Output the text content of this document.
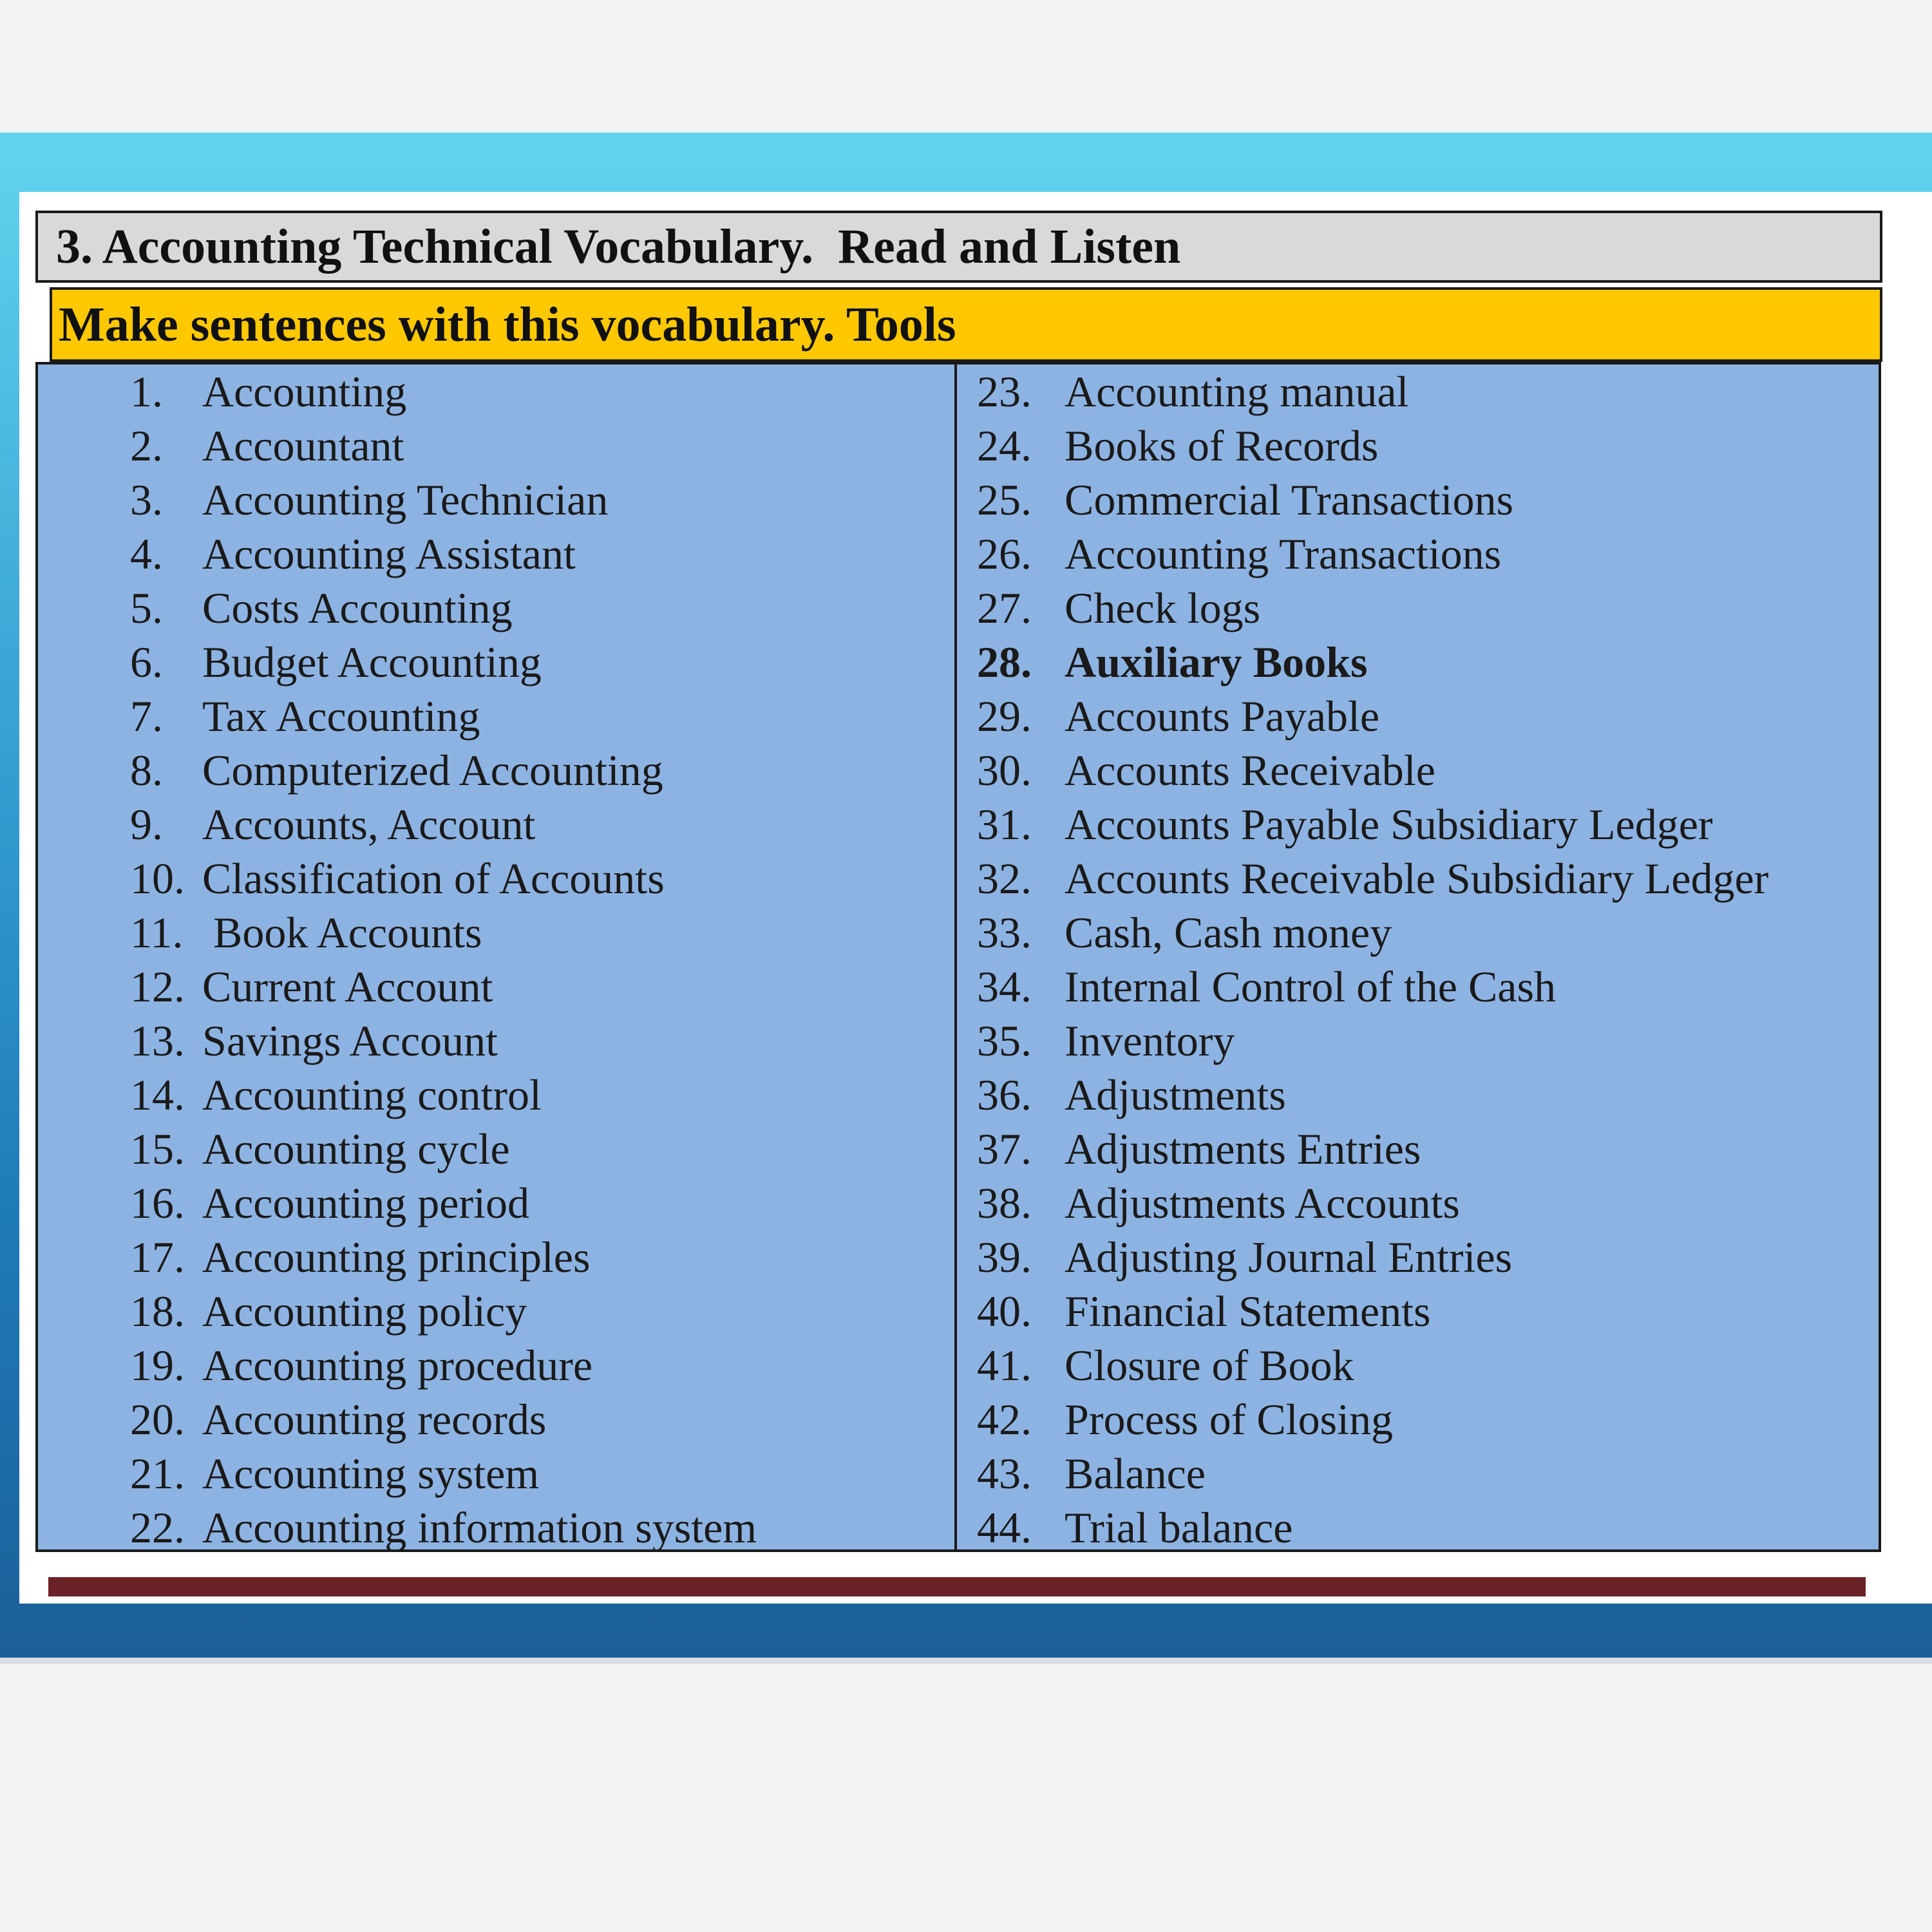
3. Accounting Technical Vocabulary.  Read and Listen
Make sentences with this vocabulary. Tools
1. Accounting
2. Accountant
3. Accounting Technician
4. Accounting Assistant
5. Costs Accounting
6. Budget Accounting
7. Tax Accounting
8. Computerized Accounting
9. Accounts, Account
10. Classification of Accounts
11. Book Accounts
12. Current Account
13. Savings Account
14. Accounting control
15. Accounting cycle
16. Accounting period
17. Accounting principles
18. Accounting policy
19. Accounting procedure
20. Accounting records
21. Accounting system
22. Accounting information system
23. Accounting manual
24. Books of Records
25. Commercial Transactions
26. Accounting Transactions
27. Check logs
28. Auxiliary Books
29. Accounts Payable
30. Accounts Receivable
31. Accounts Payable Subsidiary Ledger
32. Accounts Receivable Subsidiary Ledger
33. Cash, Cash money
34. Internal Control of the Cash
35. Inventory
36. Adjustments
37. Adjustments Entries
38. Adjustments Accounts
39. Adjusting Journal Entries
40. Financial Statements
41. Closure of Book
42. Process of Closing
43. Balance
44. Trial balance
